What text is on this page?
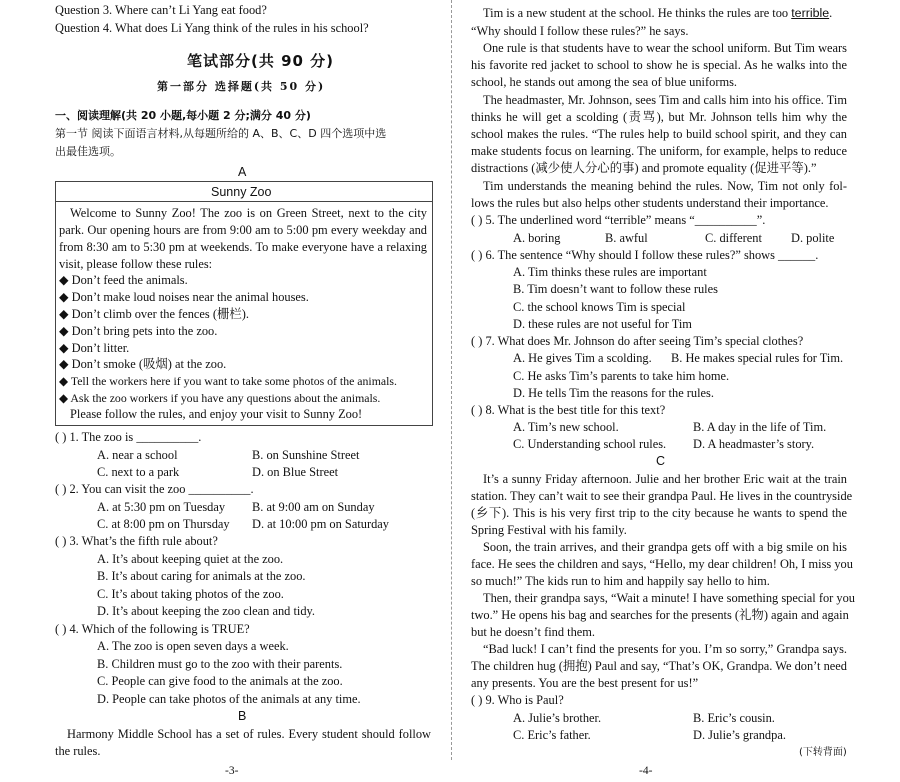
Question 3. Where can’t Li Yang eat food?
Question 4. What does Li Yang think of the rules in his school?
笔试部分(共 90 分)
第一部分 选择题(共 50 分)
一、阅读理解(共 20 小题,每小题 2 分;满分 40 分)
第一节 阅读下面语言材料,从每题所给的 A、B、C、D 四个选项中选
出最佳选项。
A
Sunny Zoo
Welcome to Sunny Zoo! The zoo is on Green Street, next to the city
park. Our opening hours are from 9:00 am to 5:00 pm every weekday and
from 8:30 am to 5:30 pm at weekends. To make everyone have a relaxing
visit, please follow these rules:
◆ Don’t feed the animals.
◆ Don’t make loud noises near the animal houses.
◆ Don’t climb over the fences (栅栏).
◆ Don’t bring pets into the zoo.
◆ Don’t litter.
◆ Don’t smoke (吸烟) at the zoo.
◆ Tell the workers here if you want to take some photos of the animals.
◆ Ask the zoo workers if you have any questions about the animals.
Please follow the rules, and enjoy your visit to Sunny Zoo!
( ) 1. The zoo is __________.
A. near a school	B. on Sunshine Street
C. next to a park	D. on Blue Street
( ) 2. You can visit the zoo __________.
A. at 5:30 pm on Tuesday B. at 9:00 am on Sunday
C. at 8:00 pm on Thursday D. at 10:00 pm on Saturday
( ) 3. What’s the fifth rule about?
A. It’s about keeping quiet at the zoo.
B. It’s about caring for animals at the zoo.
C. It’s about taking photos of the zoo.
D. It’s about keeping the zoo clean and tidy.
( ) 4. Which of the following is TRUE?
A. The zoo is open seven days a week.
B. Children must go to the zoo with their parents.
C. People can give food to the animals at the zoo.
D. People can take photos of the animals at any time.
B
Harmony Middle School has a set of rules. Every student should follow
the rules.
-3-
Tim is a new student at the school. He thinks the rules are too terrible.
“Why should I follow these rules?” he says.
One rule is that students have to wear the school uniform. But Tim wears
his favorite red jacket to school to show he is special. As he walks into the
school, he stands out among the sea of blue uniforms.
The headmaster, Mr. Johnson, sees Tim and calls him into his office. Tim
thinks he will get a scolding (责骂), but Mr. Johnson tells him why the
school makes the rules. “The rules help to build school spirit, and they can
make students focus on learning. The uniform, for example, helps to reduce
distractions (减少使人分心的事) and promote equality (促进平等).”
Tim understands the meaning behind the rules. Now, Tim not only fol-
lows the rules but also helps other students understand their importance.
( ) 5. The underlined word “terrible” means “__________”.
A. boring	B. awful	C. different D. polite
( ) 6. The sentence “Why should I follow these rules?” shows ______.
A. Tim thinks these rules are important
B. Tim doesn’t want to follow these rules
C. the school knows Tim is special
D. these rules are not useful for Tim
( ) 7. What does Mr. Johnson do after seeing Tim’s special clothes?
A. He gives Tim a scolding. B. He makes special rules for Tim.
C. He asks Tim’s parents to take him home.
D. He tells Tim the reasons for the rules.
( ) 8. What is the best title for this text?
A. Tim’s new school.	B. A day in the life of Tim.
C. Understanding school rules. D. A headmaster’s story.
C
It’s a sunny Friday afternoon. Julie and her brother Eric wait at the train
station. They can’t wait to see their grandpa Paul. He lives in the countryside
(乡下). This is his very first trip to the city because he wants to spend the
Spring Festival with his family.
Soon, the train arrives, and their grandpa gets off with a big smile on his
face. He sees the children and says, “Hello, my dear children! Oh, I miss you
so much!” The kids run to him and happily say hello to him.
Then, their grandpa says, “Wait a minute! I have something special for you
two.” He opens his bag and searches for the presents (礼物) again and again
but he doesn’t find them.
“Bad luck! I can’t find the presents for you. I’m so sorry,” Grandpa says.
The children hug (拥抱) Paul and say, “That’s OK, Grandpa. We don’t need
any presents. You are the best present for us!”
( ) 9. Who is Paul?
A. Julie’s brother.	B. Eric’s cousin.
C. Eric’s father.	D. Julie’s grandpa.
(下转背面)
-4-
